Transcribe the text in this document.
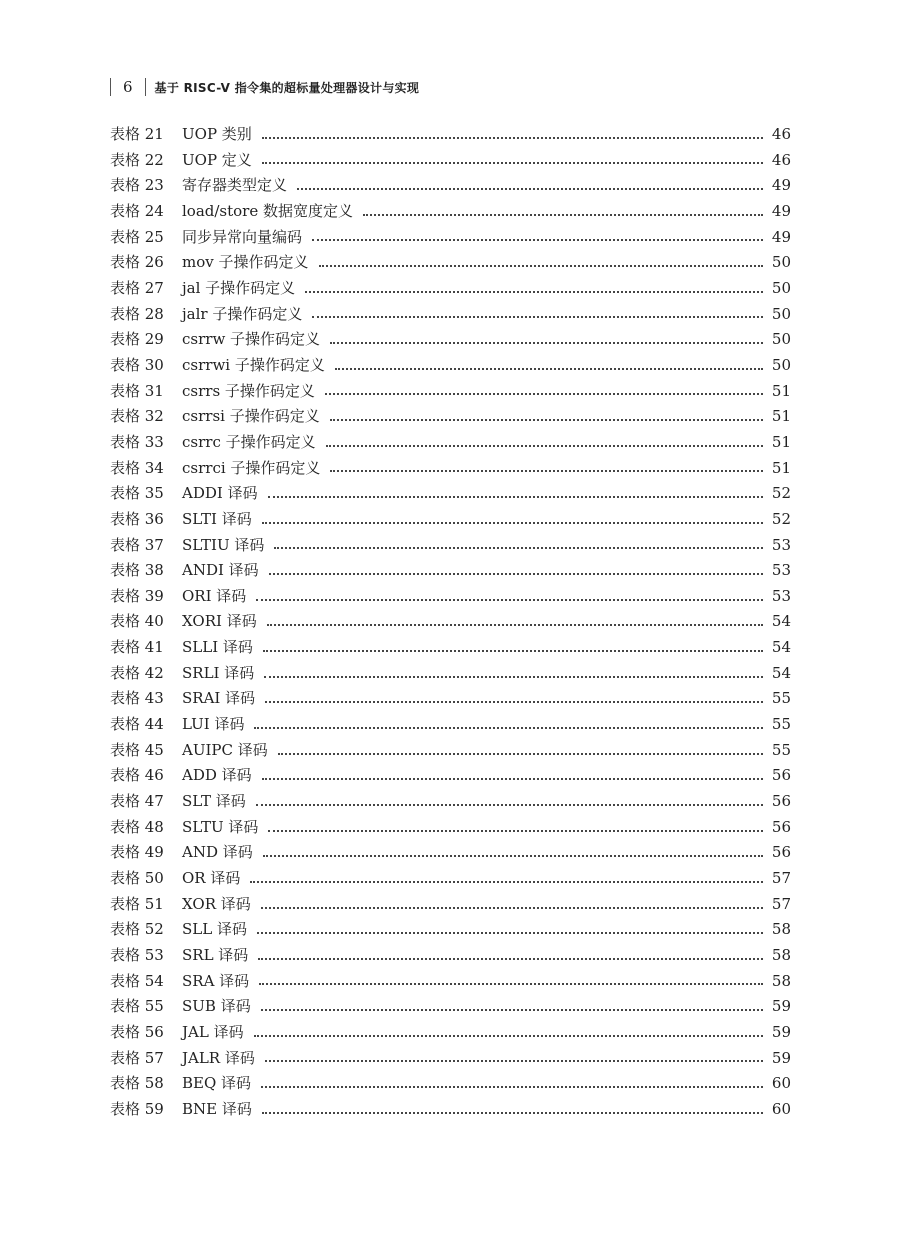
6 基于 RISC-V 指令集的超标量处理器设计与实现
表格 21	UOP 类别	46
表格 22	UOP 定义	46
表格 23	寄存器类型定义	49
表格 24	load/store 数据宽度定义	49
表格 25	同步异常向量编码	49
表格 26	mov 子操作码定义	50
表格 27	jal 子操作码定义	50
表格 28	jalr 子操作码定义	50
表格 29	csrrw 子操作码定义	50
表格 30	csrrwi 子操作码定义	50
表格 31	csrrs 子操作码定义	51
表格 32	csrrsi 子操作码定义	51
表格 33	csrrc 子操作码定义	51
表格 34	csrrci 子操作码定义	51
表格 35	ADDI 译码	52
表格 36	SLTI 译码	52
表格 37	SLTIU 译码	53
表格 38	ANDI 译码	53
表格 39	ORI 译码	53
表格 40	XORI 译码	54
表格 41	SLLI 译码	54
表格 42	SRLI 译码	54
表格 43	SRAI 译码	55
表格 44	LUI 译码	55
表格 45	AUIPC 译码	55
表格 46	ADD 译码	56
表格 47	SLT 译码	56
表格 48	SLTU 译码	56
表格 49	AND 译码	56
表格 50	OR 译码	57
表格 51	XOR 译码	57
表格 52	SLL 译码	58
表格 53	SRL 译码	58
表格 54	SRA 译码	58
表格 55	SUB 译码	59
表格 56	JAL 译码	59
表格 57	JALR 译码	59
表格 58	BEQ 译码	60
表格 59	BNE 译码	60
